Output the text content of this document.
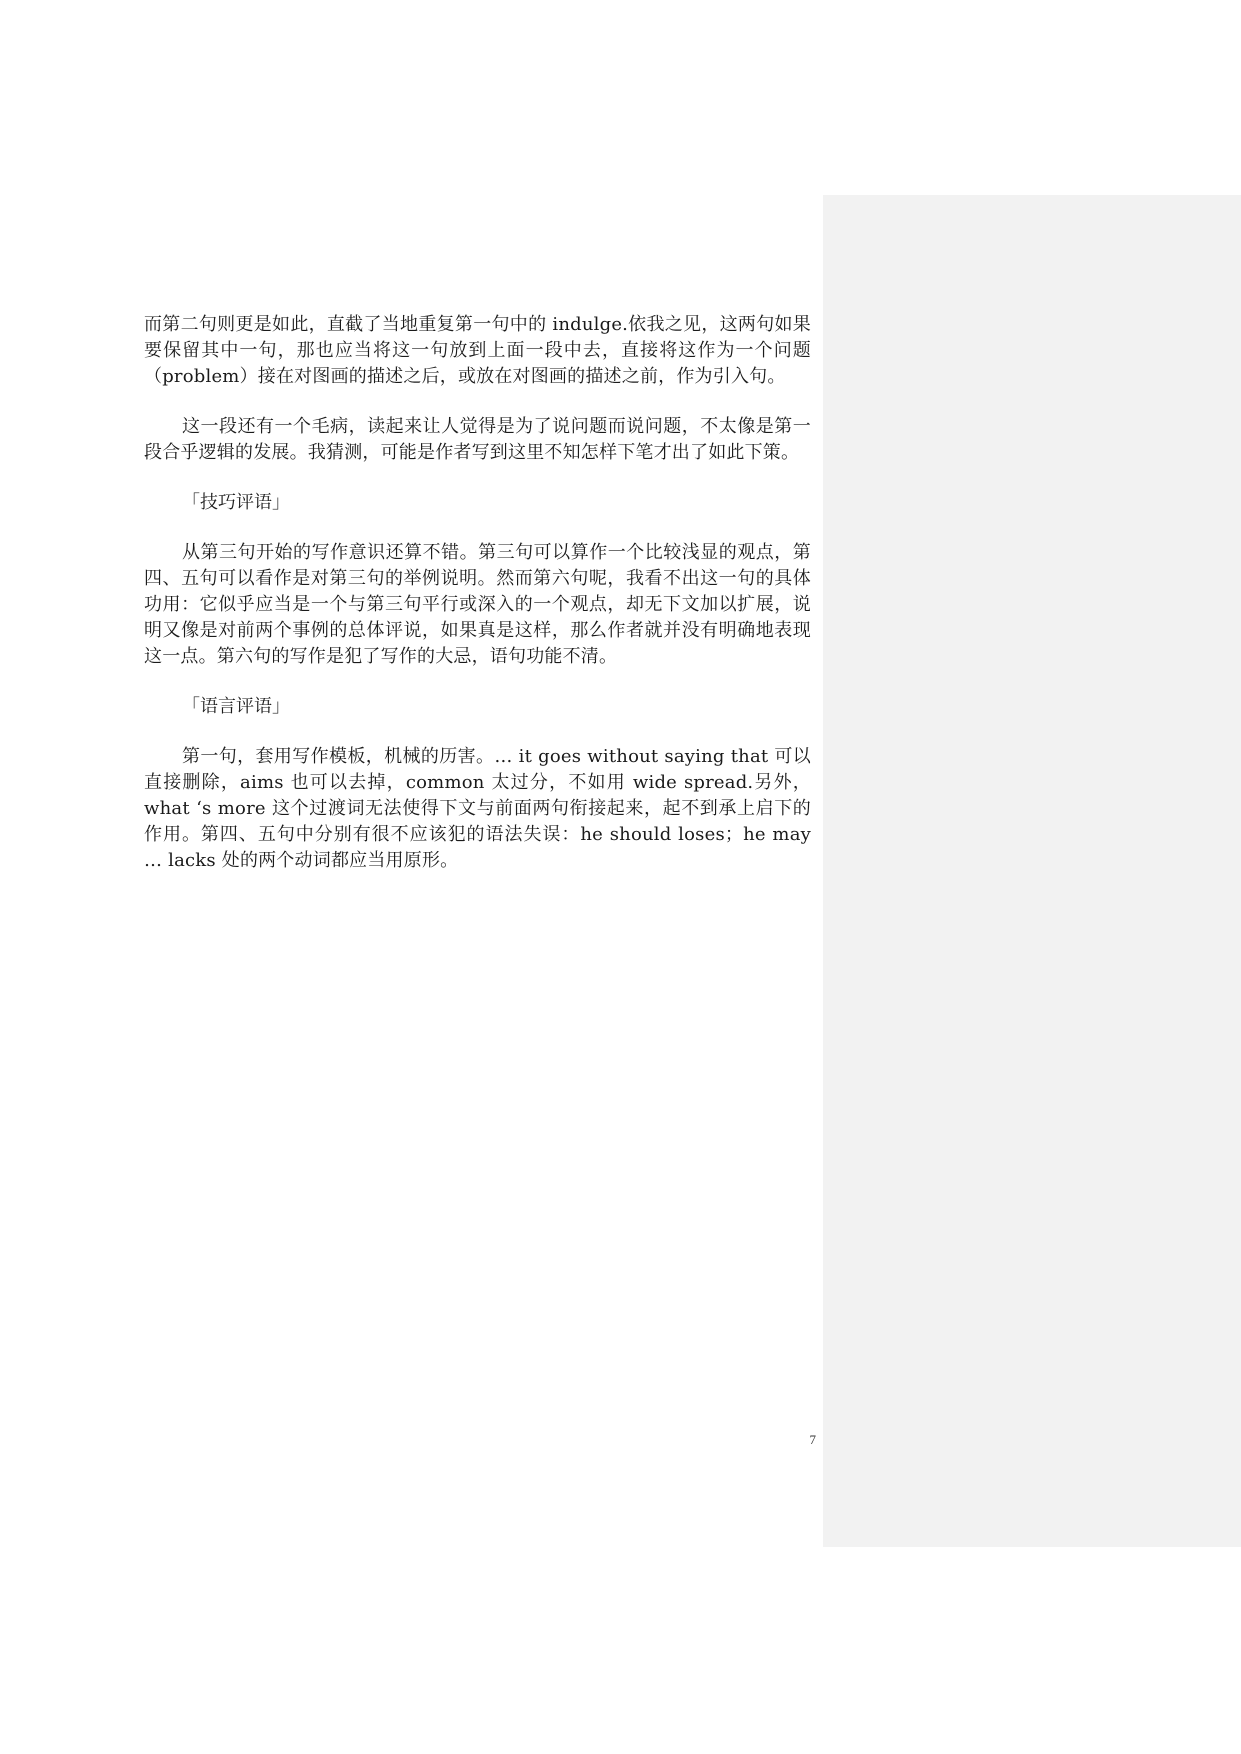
而第二句则更是如此，直截了当地重复第一句中的 indulge.依我之见，这两句如果要保留其中一句，那也应当将这一句放到上面一段中去，直接将这作为一个问题（problem）接在对图画的描述之后，或放在对图画的描述之前，作为引入句。

这一段还有一个毛病，读起来让人觉得是为了说问题而说问题，不太像是第一段合乎逻辑的发展。我猜测，可能是作者写到这里不知怎样下笔才出了如此下策。

「技巧评语」

从第三句开始的写作意识还算不错。第三句可以算作一个比较浅显的观点，第四、五句可以看作是对第三句的举例说明。然而第六句呢，我看不出这一句的具体功用：它似乎应当是一个与第三句平行或深入的一个观点，却无下文加以扩展，说明又像是对前两个事例的总体评说，如果真是这样，那么作者就并没有明确地表现这一点。第六句的写作是犯了写作的大忌，语句功能不清。

「语言评语」

第一句，套用写作模板，机械的历害。… it goes without saying that 可以直接删除，aims 也可以去掉，common 太过分，不如用 wide spread.另外，what ‘s more 这个过渡词无法使得下文与前面两句衔接起来，起不到承上启下的作用。第四、五句中分别有很不应该犯的语法失误：he should loses；he may … lacks 处的两个动词都应当用原形。

7
